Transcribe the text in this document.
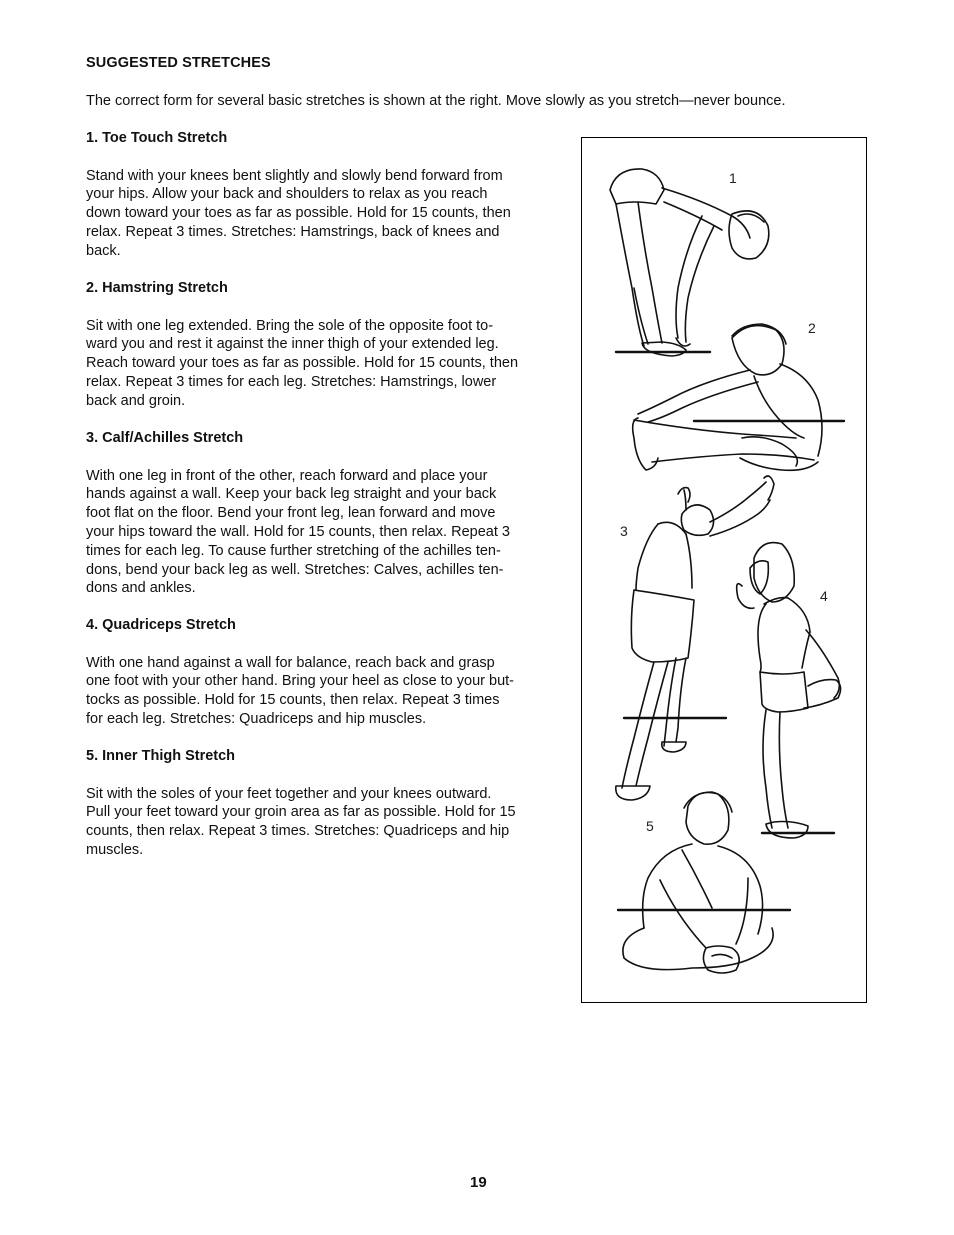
SUGGESTED STRETCHES
The correct form for several basic stretches is shown at the right. Move slowly as you stretch—never bounce.
1. Toe Touch Stretch
Stand with your knees bent slightly and slowly bend forward from
your hips. Allow your back and shoulders to relax as you reach
down toward your toes as far as possible. Hold for 15 counts, then
relax. Repeat 3 times. Stretches: Hamstrings, back of knees and
back.
2. Hamstring Stretch
Sit with one leg extended. Bring the sole of the opposite foot to-
ward you and rest it against the inner thigh of your extended leg.
Reach toward your toes as far as possible. Hold for 15 counts, then
relax. Repeat 3 times for each leg. Stretches: Hamstrings, lower
back and groin.
3. Calf/Achilles Stretch
With one leg in front of the other, reach forward and place your
hands against a wall. Keep your back leg straight and your back
foot flat on the floor. Bend your front leg, lean forward and move
your hips toward the wall. Hold for 15 counts, then relax. Repeat 3
times for each leg. To cause further stretching of the achilles ten-
dons, bend your back leg as well. Stretches: Calves, achilles ten-
dons and ankles.
4. Quadriceps Stretch
With one hand against a wall for balance, reach back and grasp
one foot with your other hand. Bring your heel as close to your but-
tocks as possible. Hold for 15 counts, then relax. Repeat 3 times
for each leg. Stretches: Quadriceps and hip muscles.
5. Inner Thigh Stretch
Sit with the soles of your feet together and your knees outward.
Pull your feet toward your groin area as far as possible. Hold for 15
counts, then relax. Repeat 3 times. Stretches: Quadriceps and hip
muscles.
1
2
3
4
5
19
